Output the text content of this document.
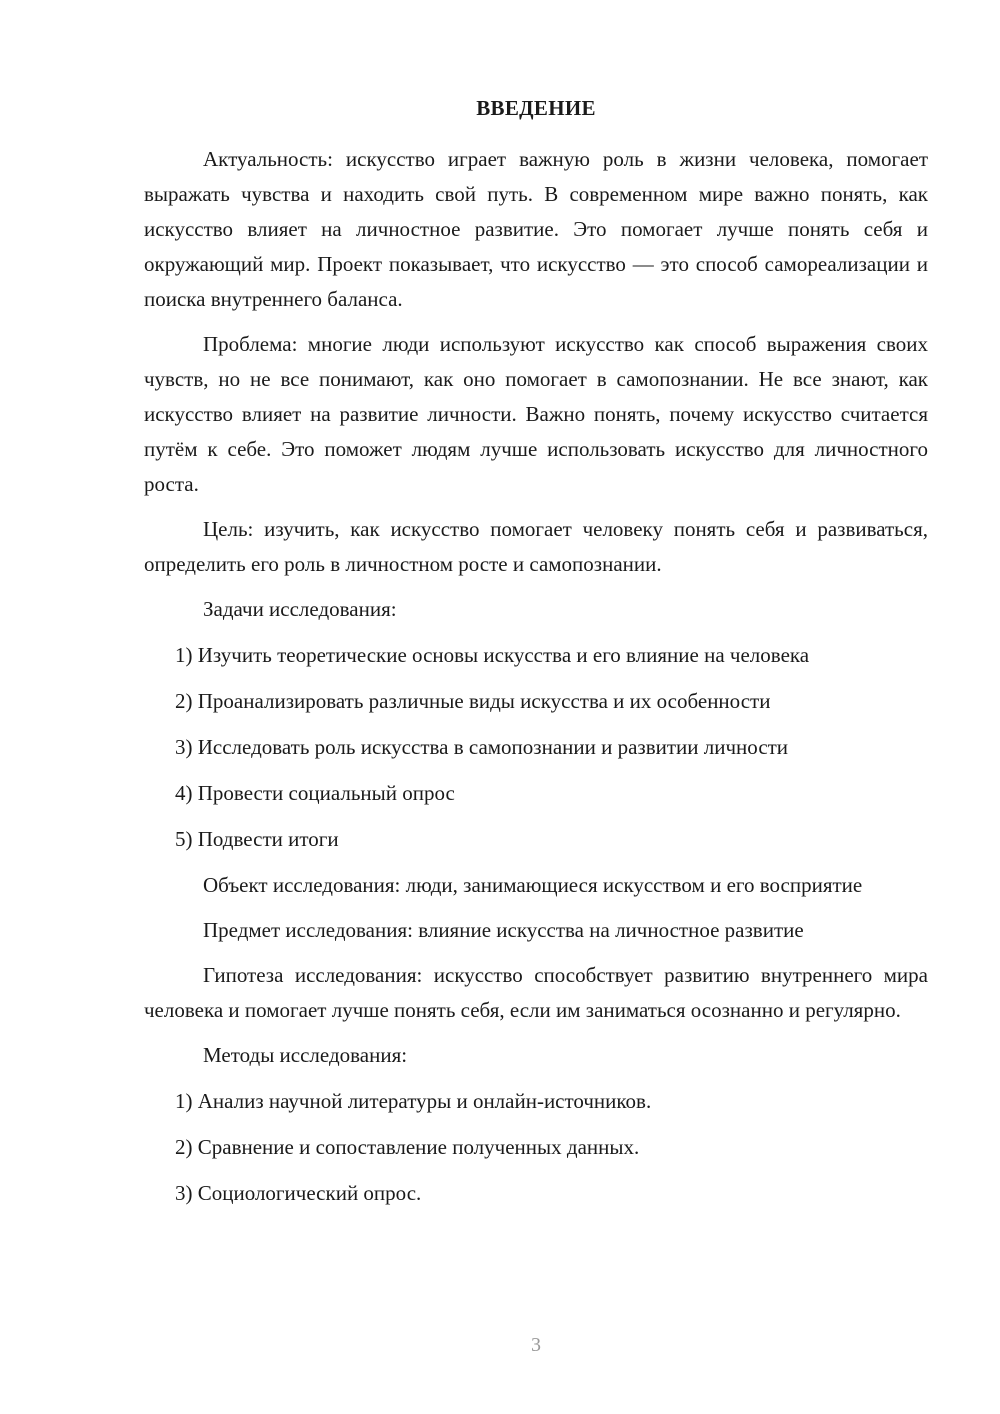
ВВЕДЕНИЕ

Актуальность: искусство играет важную роль в жизни человека, помогает выражать чувства и находить свой путь. В современном мире важно понять, как искусство влияет на личностное развитие. Это помогает лучше понять себя и окружающий мир. Проект показывает, что искусство — это способ самореализации и поиска внутреннего баланса.

Проблема: многие люди используют искусство как способ выражения своих чувств, но не все понимают, как оно помогает в самопознании. Не все знают, как искусство влияет на развитие личности. Важно понять, почему искусство считается путём к себе. Это поможет людям лучше использовать искусство для личностного роста.

Цель: изучить, как искусство помогает человеку понять себя и развиваться, определить его роль в личностном росте и самопознании.

Задачи исследования:

1) Изучить теоретические основы искусства и его влияние на человека

2) Проанализировать различные виды искусства и их особенности

3) Исследовать роль искусства в самопознании и развитии личности

4) Провести социальный опрос

5) Подвести итоги

Объект исследования: люди, занимающиеся искусством и его восприятие

Предмет исследования: влияние искусства на личностное развитие

Гипотеза исследования: искусство способствует развитию внутреннего мира человека и помогает лучше понять себя, если им заниматься осознанно и регулярно.

Методы исследования:

1) Анализ научной литературы и онлайн-источников.

2) Сравнение и сопоставление полученных данных.

3) Социологический опрос.

3
